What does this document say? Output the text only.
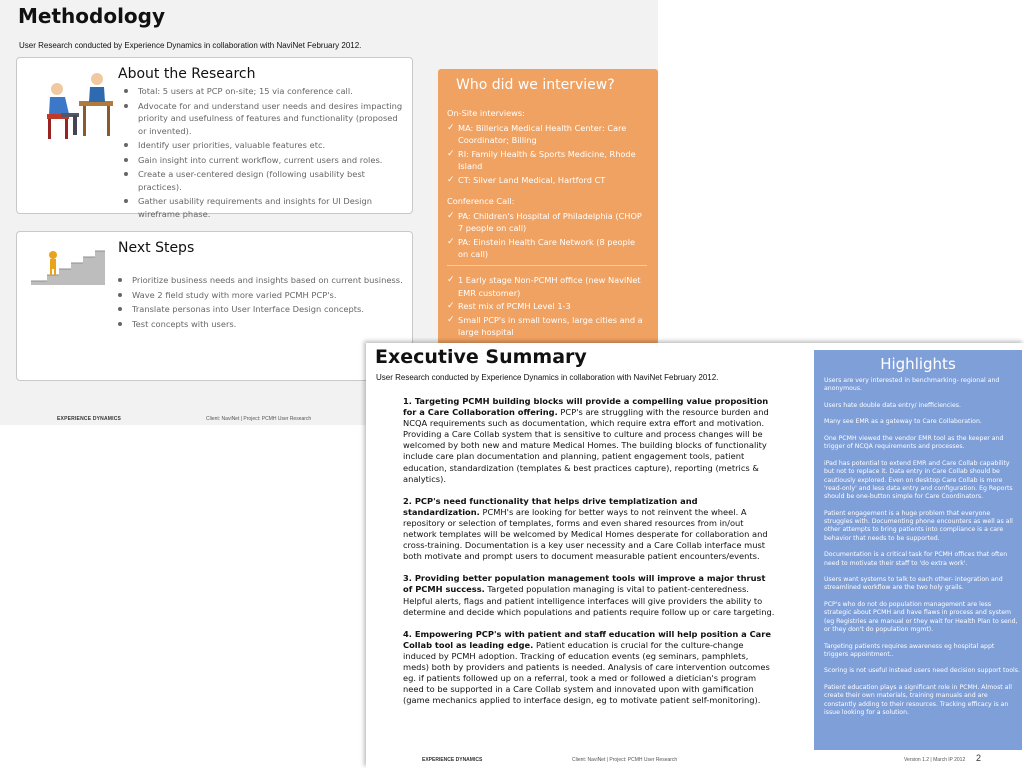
Methodology
User Research conducted by Experience Dynamics in collaboration with NaviNet February 2012.
About the Research
Total: 5 users at PCP on-site; 15 via conference call.
Advocate for and understand user needs and desires impacting priority and usefulness of features and functionality (proposed or invented).
Identify user priorities, valuable features etc.
Gain insight into current workflow, current users and roles.
Create a user-centered design (following usability best practices).
Gather usability requirements and insights for UI Design wireframe phase.
Next Steps
Prioritize business needs and insights based on current business.
Wave 2 field study with more varied PCMH PCP's.
Translate personas into User Interface Design concepts.
Test concepts with users.
Who did we interview?
On-Site interviews:
✓ MA: Billerica Medical Health Center: Care Coordinator; Billing
✓ RI: Family Health & Sports Medicine, Rhode Island
✓ CT: Silver Land Medical, Hartford CT
Conference Call:
✓ PA: Children's Hospital of Philadelphia (CHOP 7 people on call)
✓ PA: Einstein Health Care Network (8 people on call)
✓ 1 Early stage Non-PCMH office (new NaviNet EMR customer)
✓ Rest mix of PCMH Level 1-3
✓ Small PCP's in small towns, large cities and a large hospital
EXPERIENCE DYNAMICS	Client: NaviNet | Project: PCMH User Research
Executive Summary
User Research conducted by Experience Dynamics in collaboration with NaviNet February 2012.

1. Targeting PCMH building blocks will provide a compelling value proposition for a Care Collaboration offering. PCP's are struggling with the resource burden and NCQA requirements such as documentation, which require extra effort and motivation. Providing a Care Collab system that is sensitive to culture and process changes will be welcomed by both new and mature Medical Homes. The building blocks of functionality include care plan documentation and planning, patient engagement tools, patient education, standardization (templates & best practices capture), reporting (metrics & analytics).

2. PCP's need functionality that helps drive templatization and standardization. PCMH's are looking for better ways to not reinvent the wheel. A repository or selection of templates, forms and even shared resources from in/out network templates will be welcomed by Medical Homes desperate for collaboration and cross-training. Documentation is a key user necessity and a Care Collab interface must both motivate and prompt users to document measurable patient encounters/events.

3. Providing better population management tools will improve a major thrust of PCMH success. Targeted population managing is vital to patient-centeredness. Helpful alerts, flags and patient intelligence interfaces will give providers the ability to determine and decide which populations and patients require follow up or care targeting.

4. Empowering PCP's with patient and staff education will help position a Care Collab tool as leading edge. Patient education is crucial for the culture-change induced by PCMH adoption. Tracking of education events (eg seminars, pamphlets, meds) both by providers and patients is needed. Analysis of care intervention outcomes eg. if patients followed up on a referral, took a med or followed a dietician's program need to be supported in a Care Collab system and innovated upon with gamification (game mechanics applied to interface design, eg to motivate patient self-monitoring).

Highlights
Users are very interested in benchmarking- regional and anonymous.
Users hate double data entry/ inefficiencies.
Many see EMR as a gateway to Care Collaboration.
One PCMH viewed the vendor EMR tool as the keeper and trigger of NCQA requirements and processes.
iPad has potential to extend EMR and Care Collab capability but not to replace it. Data entry in Care Collab should be cautiously explored. Even on desktop Care Collab is more 'read-only' and less data entry and configuration. Eg Reports should be one-button simple for Care Coordinators.
Patient engagement is a huge problem that everyone struggles with. Documenting phone encounters as well as all other attempts to bring patients into compliance is a care behavior that needs to be supported.
Documentation is a critical task for PCMH offices that often need to motivate their staff to 'do extra work'.
Users want systems to talk to each other- integration and streamlined workflow are the two holy grails.
PCP's who do not do population management are less strategic about PCMH and have flaws in process and system (eg Registries are manual or they wait for Health Plan to send, or they don't do population mgmt).
Targeting patients requires awareness eg hospital appt triggers appointment..
Scoring is not useful instead users need decision support tools.
Patient education plays a significant role in PCMH. Almost all create their own materials, training manuals and are constantly adding to their resources. Tracking efficacy is an issue looking for a solution.
EXPERIENCE DYNAMICS	Client: NaviNet | Project: PCMH User Research	Version 1.2 | March lP 2012 2
